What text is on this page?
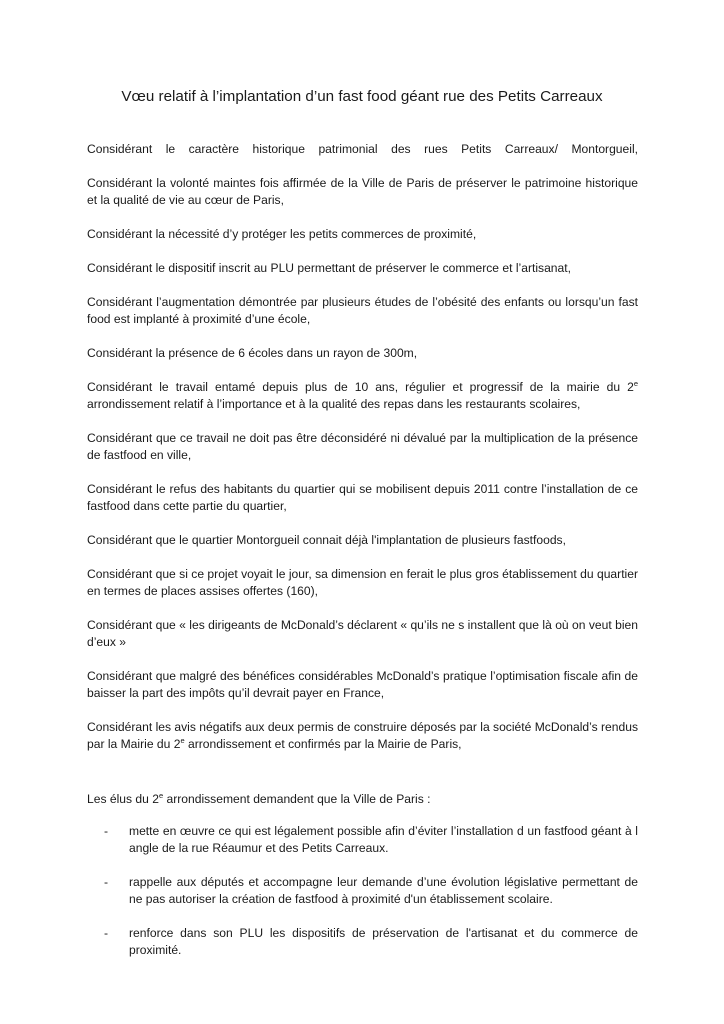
Vœu relatif à l’implantation d’un fast food géant rue des Petits Carreaux

Considérant le caractère historique patrimonial des rues Petits Carreaux/ Montorgueil,

Considérant la volonté maintes fois affirmée de la Ville de Paris de préserver le patrimoine historique et la qualité de vie au cœur de Paris,

Considérant la nécessité d’y protéger les petits commerces de proximité,

Considérant le dispositif inscrit au PLU permettant de préserver le commerce et l’artisanat,

Considérant l’augmentation démontrée par plusieurs études de l’obésité des enfants ou lorsqu’un fast food est implanté à proximité d’une école,

Considérant la présence de 6 écoles dans un rayon de 300m,

Considérant le travail entamé depuis plus de 10 ans, régulier et progressif de la mairie du 2e arrondissement relatif à l’importance et à la qualité des repas dans les restaurants scolaires,

Considérant que ce travail ne doit pas être déconsidéré ni dévalué par la multiplication de la présence de fastfood en ville,

Considérant le refus des habitants du quartier qui se mobilisent depuis 2011 contre l’installation de ce fastfood dans cette partie du quartier,

Considérant que le quartier Montorgueil connait déjà l'implantation de plusieurs fastfoods,

Considérant que si ce projet voyait le jour, sa dimension en ferait le plus gros établissement du quartier en termes de places assises offertes (160),

Considérant que « les dirigeants de McDonald’s déclarent « qu’ils ne s installent que là où on veut bien d’eux »

Considérant que malgré des bénéfices considérables McDonald’s pratique l’optimisation fiscale afin de baisser la part des impôts qu’il devrait payer en France,

Considérant les avis négatifs aux deux permis de construire déposés par la société McDonald’s rendus par la Mairie du 2e arrondissement et confirmés par la Mairie de Paris,

Les élus du 2e arrondissement demandent que la Ville de Paris :

- mette en œuvre ce qui est légalement possible afin d’éviter l’installation d un fastfood géant à l angle de la rue Réaumur et des Petits Carreaux.
- rappelle aux députés et accompagne leur demande d’une évolution législative permettant de ne pas autoriser la création de fastfood à proximité d'un établissement scolaire.
- renforce dans son PLU les dispositifs de préservation de l'artisanat et du commerce de proximité.
